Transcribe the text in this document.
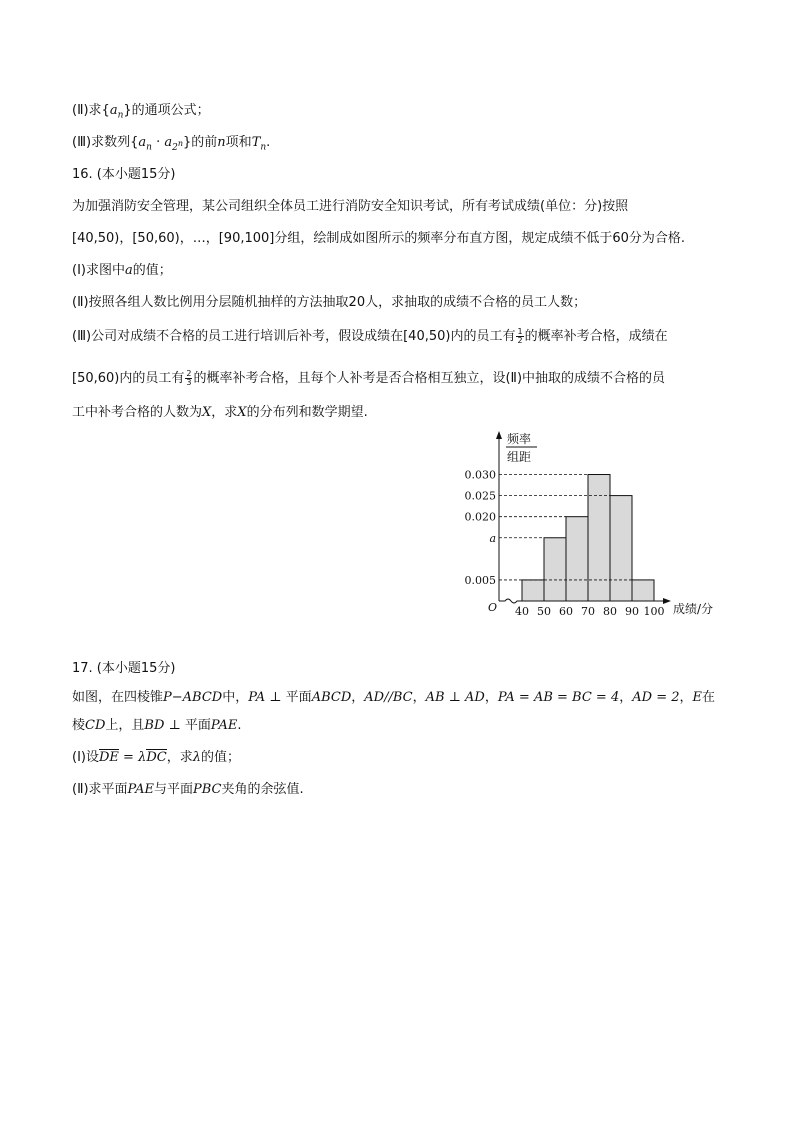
(Ⅱ)求$\{a_n\}$的通项公式；
(Ⅲ)求数列$\{a_n \cdot a_{2^n}\}$的前n项和$T_n$.
16. (本小题15分)
为加强消防安全管理，某公司组织全体员工进行消防安全知识考试，所有考试成绩(单位：分)按照
[40,50)，[50,60)，…，[90,100]分组，绘制成如图所示的频率分布直方图，规定成绩不低于60分为合格.
(Ⅰ)求图中a的值；
(Ⅱ)按照各组人数比例用分层随机抽样的方法抽取20人，求抽取的成绩不合格的员工人数；
(Ⅲ)公司对成绩不合格的员工进行培训后补考，假设成绩在[40,50)内的员工有 $\frac{1}{2}$ 的概率补考合格，成绩在
[50,60)内的员工有 $\frac{2}{3}$ 的概率补考合格，且每个人补考是否合格相互独立，设(Ⅱ)中抽取的成绩不合格的员
工中补考合格的人数为X，求X的分布列和数学期望.
0.005
a
0.020
0.025
0.030
40 50 60 70 80 90 100
频率
组距
成绩/分
O
17. (本小题15分)
如图，在四棱锥P−ABCD中，PA ⊥ 平面ABCD，AD//BC，AB ⊥ AD，PA = AB = BC = 4，AD = 2，E在
棱CD上，且BD ⊥ 平面PAE.
(Ⅰ)设DE = λDC，求λ的值；
(Ⅱ)求平面PAE与平面PBC夹角的余弦值.
